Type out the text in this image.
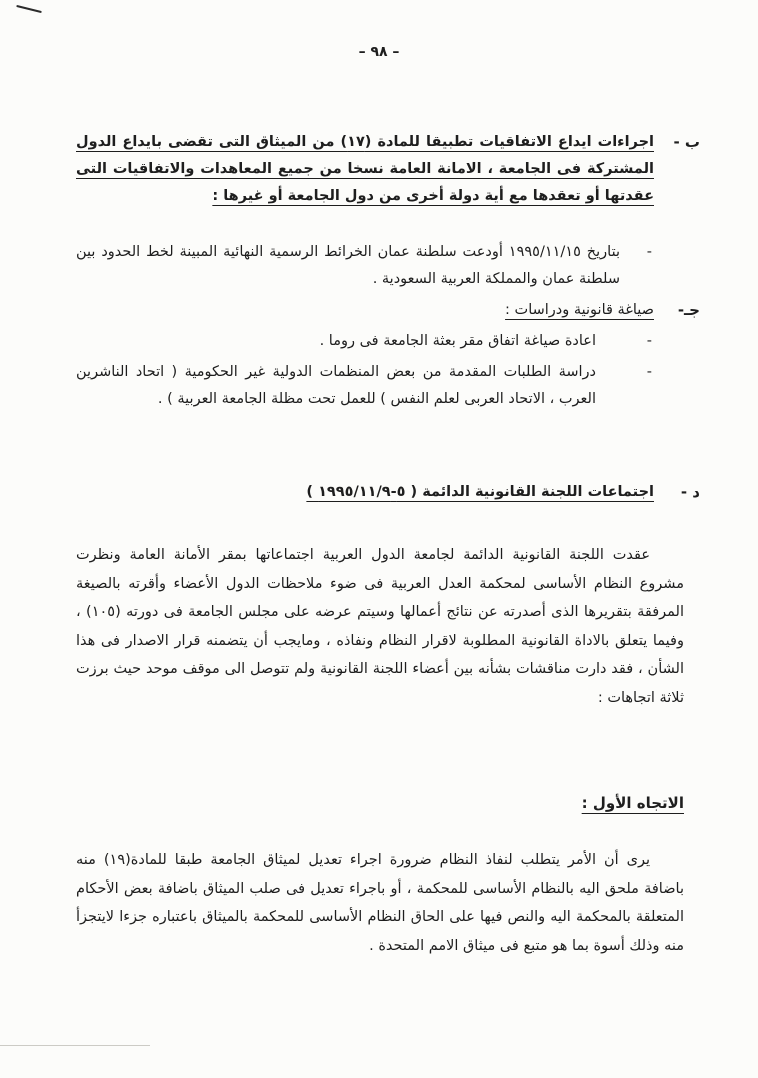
– ٩٨ –
ب -
اجراءات ايداع الاتفاقيات تطبيقا للمادة (١٧) من الميثاق التى تقضى بايداع الدول المشتركة فى الجامعة ، الامانة العامة نسخا من جميع المعاهدات والاتفاقيات التى عقدتها أو تعقدها مع أية دولة أخرى من دول الجامعة أو غيرها :
-
بتاريخ ١٩٩٥/١١/١٥ أودعت سلطنة عمان الخرائط الرسمية النهائية المبينة لخط الحدود بين سلطنة عمان والمملكة العربية السعودية .
جـ-
صياغة قانونية ودراسات :
-
اعادة صياغة اتفاق مقر بعثة الجامعة فى روما .
-
دراسة الطلبات المقدمة من بعض المنظمات الدولية غير الحكومية ( اتحاد الناشرين العرب ، الاتحاد العربى لعلم النفس ) للعمل تحت مظلة الجامعة العربية ) .
د -
اجتماعات اللجنة القانونية الدائمة ( ٥-١٩٩٥/١١/٩ )
عقدت اللجنة القانونية الدائمة لجامعة الدول العربية اجتماعاتها بمقر الأمانة العامة ونظرت مشروع النظام الأساسى لمحكمة العدل العربية فى ضوء ملاحظات الدول الأعضاء وأقرته بالصيغة المرفقة بتقريرها الذى أصدرته عن نتائج أعمالها وسيتم عرضه على مجلس الجامعة فى دورته (١٠٥) ، وفيما يتعلق بالاداة القانونية المطلوبة لاقرار النظام ونفاذه ، ومايجب أن يتضمنه قرار الاصدار فى هذا الشأن ، فقد دارت مناقشات بشأنه بين أعضاء اللجنة القانونية ولم تتوصل الى موقف موحد حيث برزت ثلاثة اتجاهات :
الاتجاه الأول :
يرى أن الأمر يتطلب لنفاذ النظام ضرورة اجراء تعديل لميثاق الجامعة طبقا للمادة(١٩) منه باضافة ملحق اليه بالنظام الأساسى للمحكمة ، أو باجراء تعديل فى صلب الميثاق باضافة بعض الأحكام المتعلقة بالمحكمة اليه والنص فيها على الحاق النظام الأساسى للمحكمة بالميثاق باعتباره جزءا لايتجزأ منه وذلك أسوة بما هو متبع فى ميثاق الامم المتحدة .
